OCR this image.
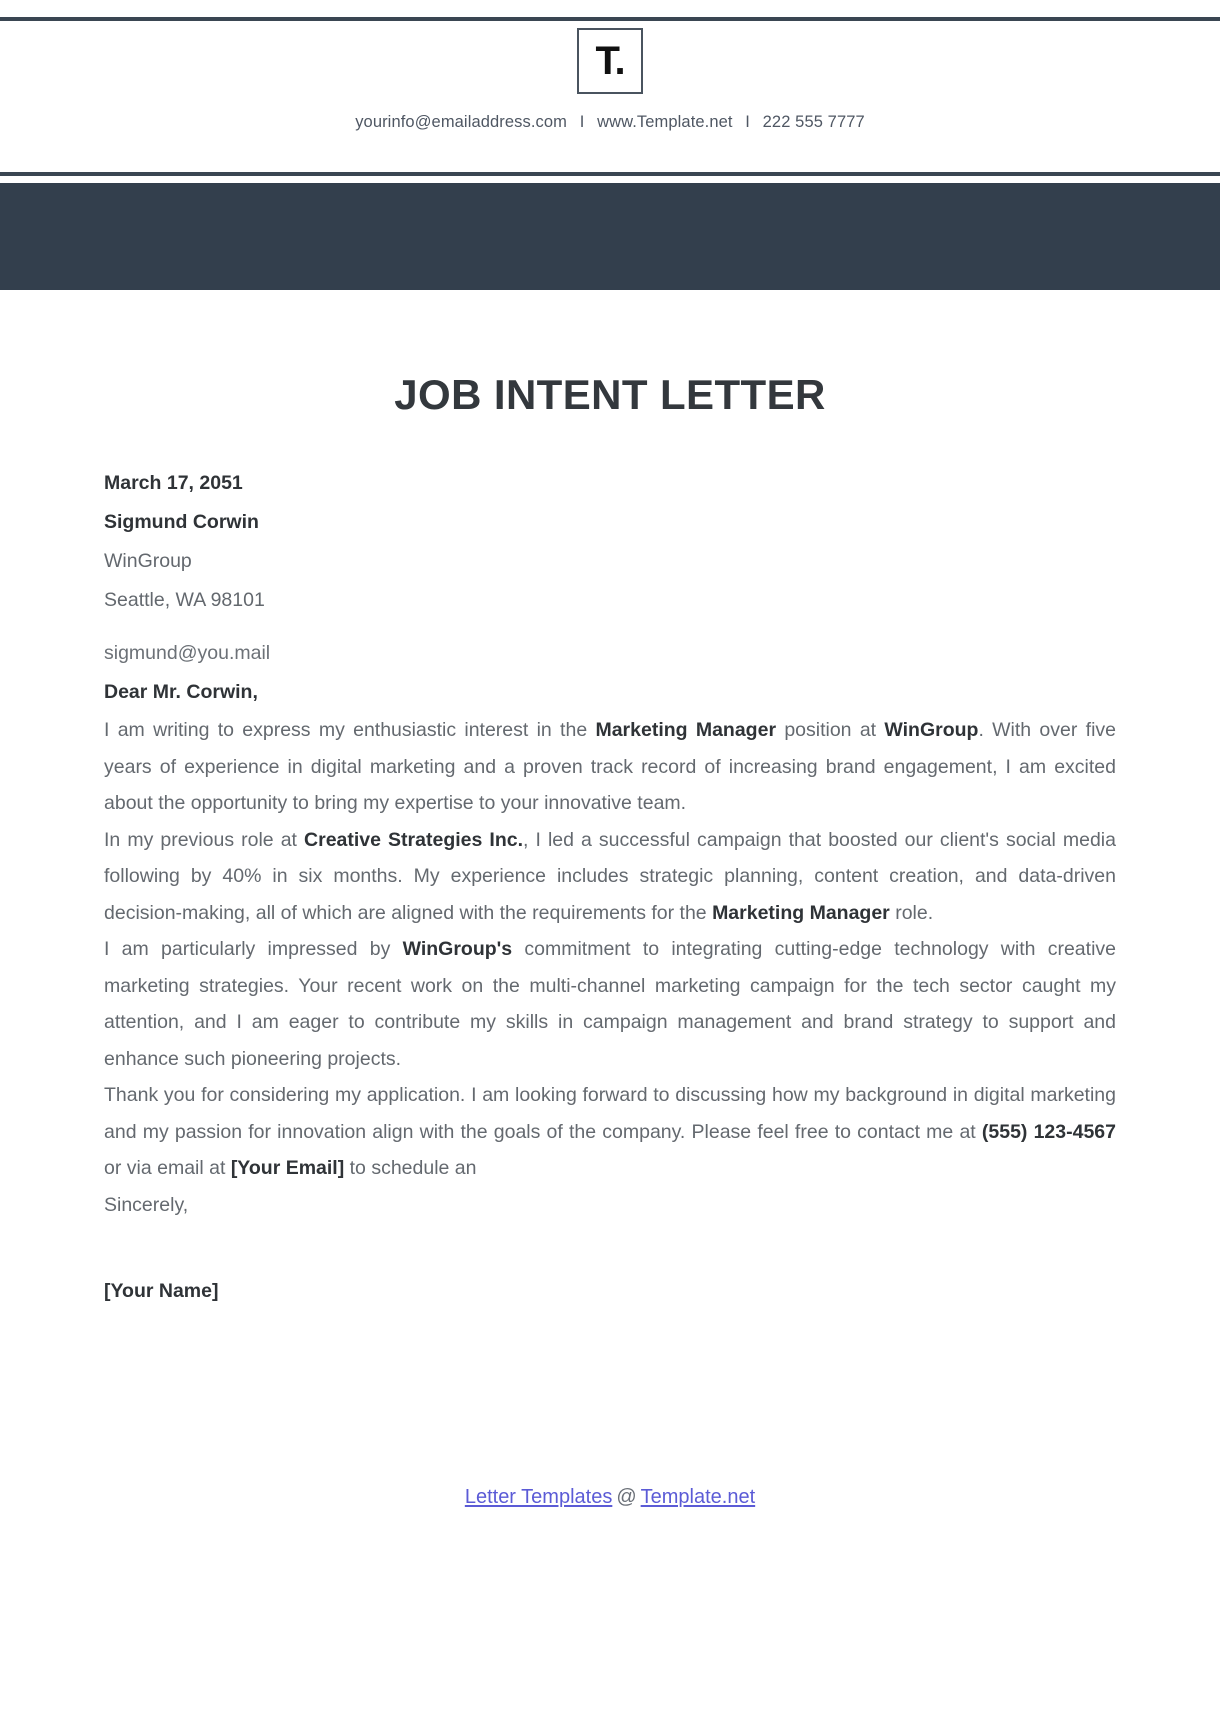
T.
yourinfo@emailaddress.com I www.Template.net I 222 555 7777
JOB INTENT LETTER
March 17, 2051
Sigmund Corwin
WinGroup
Seattle, WA 98101
sigmund@you.mail
Dear Mr. Corwin,

I am writing to express my enthusiastic interest in the Marketing Manager position at WinGroup. With over five years of experience in digital marketing and a proven track record of increasing brand engagement, I am excited about the opportunity to bring my expertise to your innovative team.

In my previous role at Creative Strategies Inc., I led a successful campaign that boosted our client's social media following by 40% in six months. My experience includes strategic planning, content creation, and data-driven decision-making, all of which are aligned with the requirements for the Marketing Manager role.

I am particularly impressed by WinGroup's commitment to integrating cutting-edge technology with creative marketing strategies. Your recent work on the multi-channel marketing campaign for the tech sector caught my attention, and I am eager to contribute my skills in campaign management and brand strategy to support and enhance such pioneering projects.

Thank you for considering my application. I am looking forward to discussing how my background in digital marketing and my passion for innovation align with the goals of the company. Please feel free to contact me at (555) 123-4567 or via email at [Your Email] to schedule an

Sincerely,
[Your Name]
Letter Templates @ Template.net
